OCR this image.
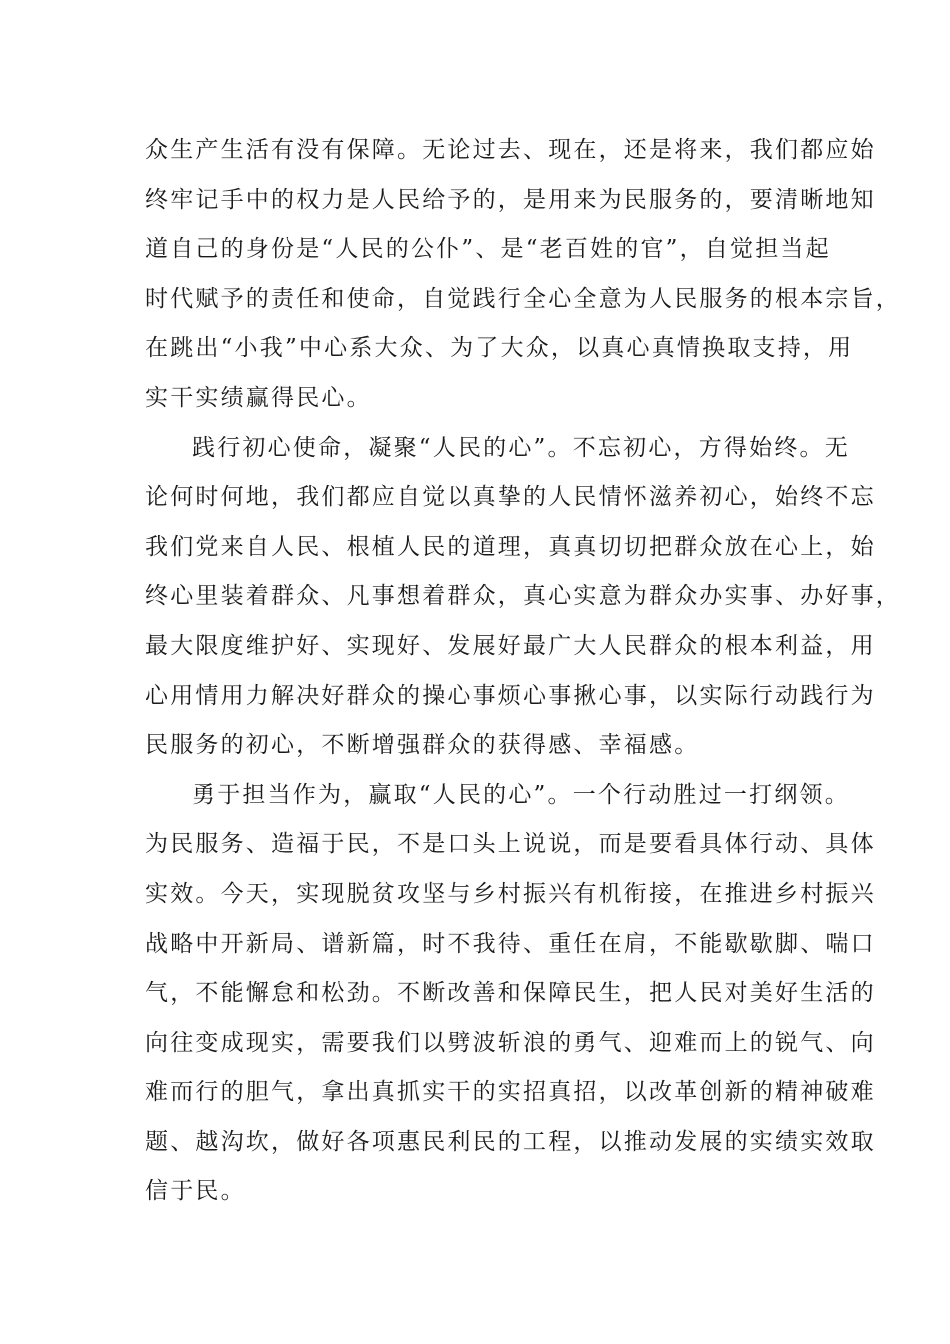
众生产生活有没有保障。无论过去、现在，还是将来，我们都应始
终牢记手中的权力是人民给予的，是用来为民服务的，要清晰地知
道自己的身份是“人民的公仆”、是“老百姓的官”，自觉担当起
时代赋予的责任和使命，自觉践行全心全意为人民服务的根本宗旨，
在跳出“小我”中心系大众、为了大众，以真心真情换取支持，用
实干实绩赢得民心。
践行初心使命，凝聚“人民的心”。不忘初心，方得始终。无
论何时何地，我们都应自觉以真挚的人民情怀滋养初心，始终不忘
我们党来自人民、根植人民的道理，真真切切把群众放在心上，始
终心里装着群众、凡事想着群众，真心实意为群众办实事、办好事，
最大限度维护好、实现好、发展好最广大人民群众的根本利益，用
心用情用力解决好群众的操心事烦心事揪心事，以实际行动践行为
民服务的初心，不断增强群众的获得感、幸福感。
勇于担当作为，赢取“人民的心”。一个行动胜过一打纲领。
为民服务、造福于民，不是口头上说说，而是要看具体行动、具体
实效。今天，实现脱贫攻坚与乡村振兴有机衔接，在推进乡村振兴
战略中开新局、谱新篇，时不我待、重任在肩，不能歇歇脚、喘口
气，不能懈怠和松劲。不断改善和保障民生，把人民对美好生活的
向往变成现实，需要我们以劈波斩浪的勇气、迎难而上的锐气、向
难而行的胆气，拿出真抓实干的实招真招，以改革创新的精神破难
题、越沟坎，做好各项惠民利民的工程，以推动发展的实绩实效取
信于民。
